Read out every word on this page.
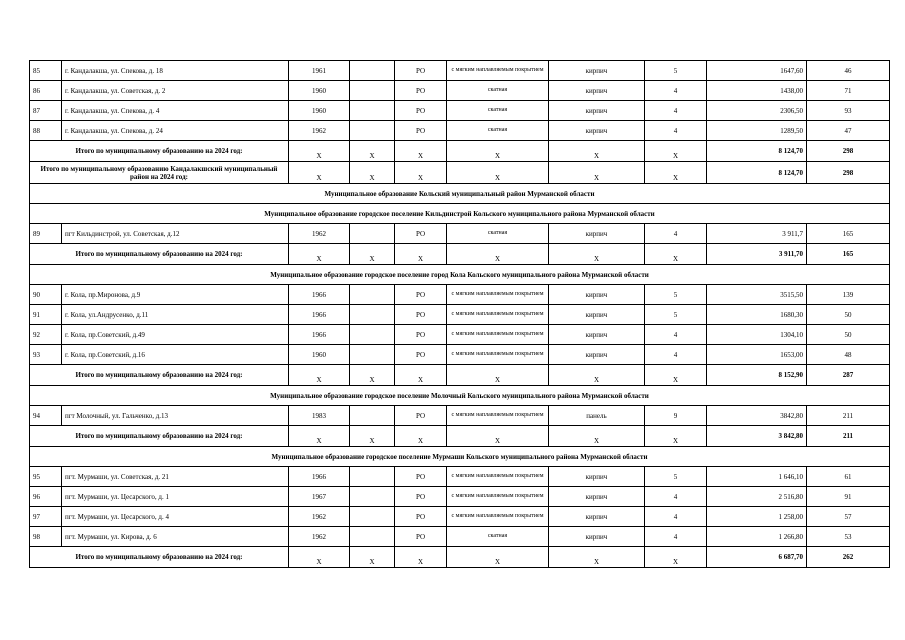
85	г. Кандалакша, ул. Спекова, д. 18	1961		РО	с мягким наплавляемым покрытием	кирпич	5	1647,60	46
86	г. Кандалакша, ул. Советская, д. 2	1960		РО	скатная	кирпич	4	1438,00	71
87	г. Кандалакша, ул. Спекова, д. 4	1960		РО	скатная	кирпич	4	2306,50	93
88	г. Кандалакша, ул. Спекова, д. 24	1962		РО	скатная	кирпич	4	1289,50	47
Итого по муниципальному образованию на 2024 год:		Х	Х	Х	Х	Х	Х	8 124,70	298
Итого по муниципальному образованию Кандалакшский муниципальный район на 2024 год:		Х	Х	Х	Х	Х	Х	8 124,70	298
Муниципальное образование Кольский муниципальный район Мурманской области									
Муниципальное образование городское поселение Кильдинстрой Кольского муниципального района Мурманской области									
89	пгт Кильдинстрой, ул. Советская, д.12	1962		РО	скатная	кирпич	4	3 911,7	165
Итого по муниципальному образованию на 2024 год:		Х	Х	Х	Х	Х	Х	3 911,70	165
Муниципальное образование городское поселение город Кола Кольского муниципального района Мурманской области									
90	г. Кола, пр.Миронова, д.9	1966		РО	с мягким наплавляемым покрытием	кирпич	5	3515,50	139
91	г. Кола, ул.Андрусенко, д.11	1966		РО	с мягким наплавляемым покрытием	кирпич	5	1680,30	50
92	г. Кола, пр.Советский, д.49	1966		РО	с мягким наплавляемым покрытием	кирпич	4	1304,10	50
93	г. Кола, пр.Советский, д.16	1960		РО	с мягким наплавляемым покрытием	кирпич	4	1653,00	48
Итого по муниципальному образованию на 2024 год:		Х	Х	Х	Х	Х	Х	8 152,90	287
Муниципальное образование городское поселение Молочный Кольского муниципального района Мурманской области									
94	пгт Молочный, ул. Гальченко, д.13	1983		РО	с мягким наплавляемым покрытием	панель	9	3842,80	211
Итого по муниципальному образованию на 2024 год:		Х	Х	Х	Х	Х	Х	3 842,80	211
Муниципальное образование городское поселение Мурмаши Кольского муниципального района Мурманской области									
95	пгт. Мурмаши, ул. Советская, д. 21	1966		РО	с мягким наплавляемым покрытием	кирпич	5	1 646,10	61
96	пгт. Мурмаши, ул. Цесарского, д. 1	1967		РО	с мягким наплавляемым покрытием	кирпич	4	2 516,80	91
97	пгт. Мурмаши, ул. Цесарского, д. 4	1962		РО	с мягким наплавляемым покрытием	кирпич	4	1 258,00	57
98	пгт. Мурмаши, ул. Кирова, д. 6	1962		РО	скатная	кирпич	4	1 266,80	53
Итого по муниципальному образованию на 2024 год:		Х	Х	Х	Х	Х	Х	6 687,70	262
